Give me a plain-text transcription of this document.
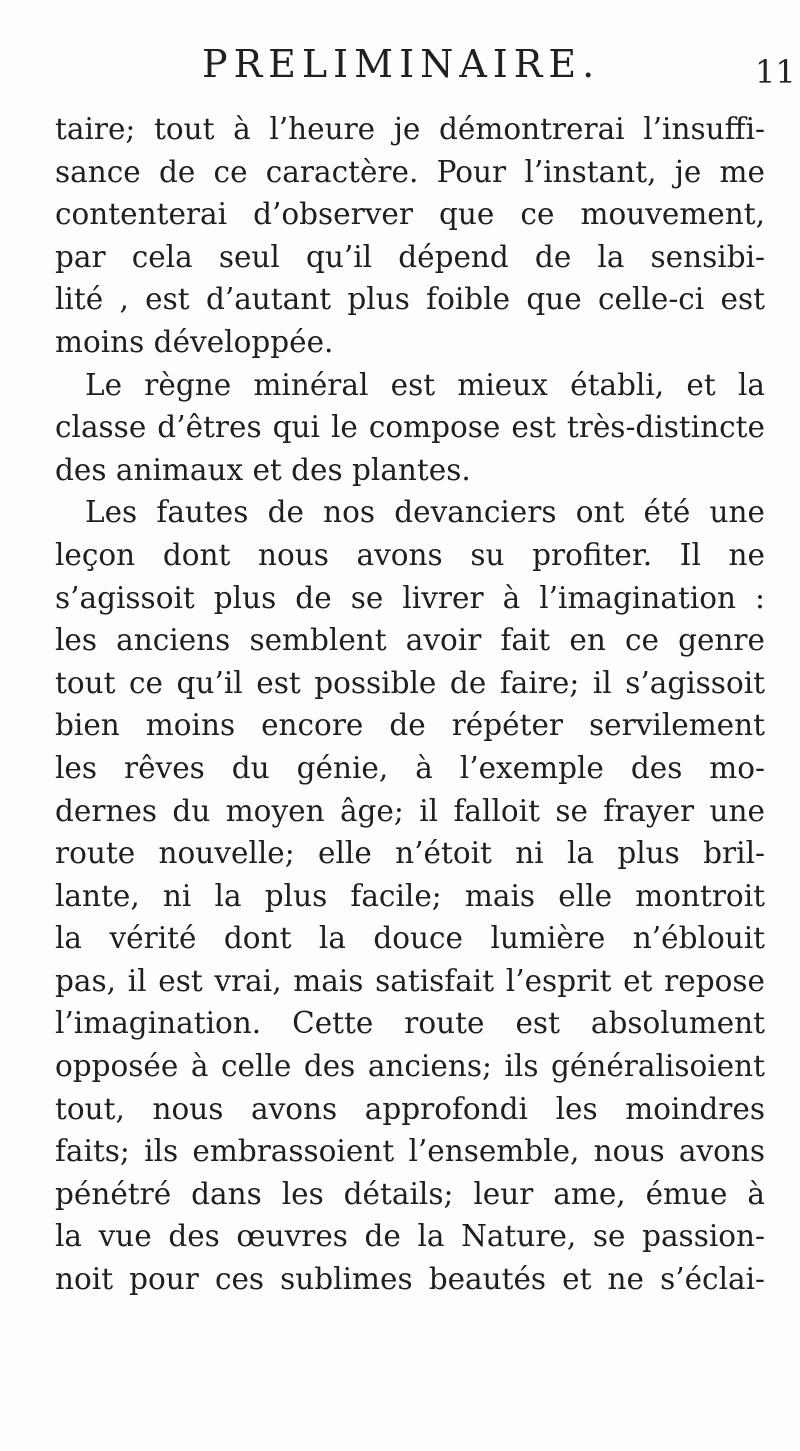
PRELIMINAIRE.	11
taire; tout à l’heure je démontrerai l’insuffi-
sance de ce caractère. Pour l’instant, je me
contenterai d’observer que ce mouvement,
par cela seul qu’il dépend de la sensibi-
lité , est d’autant plus foible que celle-ci est
moins développée.
Le règne minéral est mieux établi, et la
classe d’êtres qui le compose est très-distincte
des animaux et des plantes.
Les fautes de nos devanciers ont été une
leçon dont nous avons su profiter. Il ne
s’agissoit plus de se livrer à l’imagination :
les anciens semblent avoir fait en ce genre
tout ce qu’il est possible de faire; il s’agissoit
bien moins encore de répéter servilement
les rêves du génie, à l’exemple des mo-
dernes du moyen âge; il falloit se frayer une
route nouvelle; elle n’étoit ni la plus bril-
lante, ni la plus facile; mais elle montroit
la vérité dont la douce lumière n’éblouit
pas, il est vrai, mais satisfait l’esprit et repose
l’imagination. Cette route est absolument
opposée à celle des anciens; ils généralisoient
tout, nous avons approfondi les moindres
faits; ils embrassoient l’ensemble, nous avons
pénétré dans les détails; leur ame, émue à
la vue des œuvres de la Nature, se passion-
noit pour ces sublimes beautés et ne s’éclai-
